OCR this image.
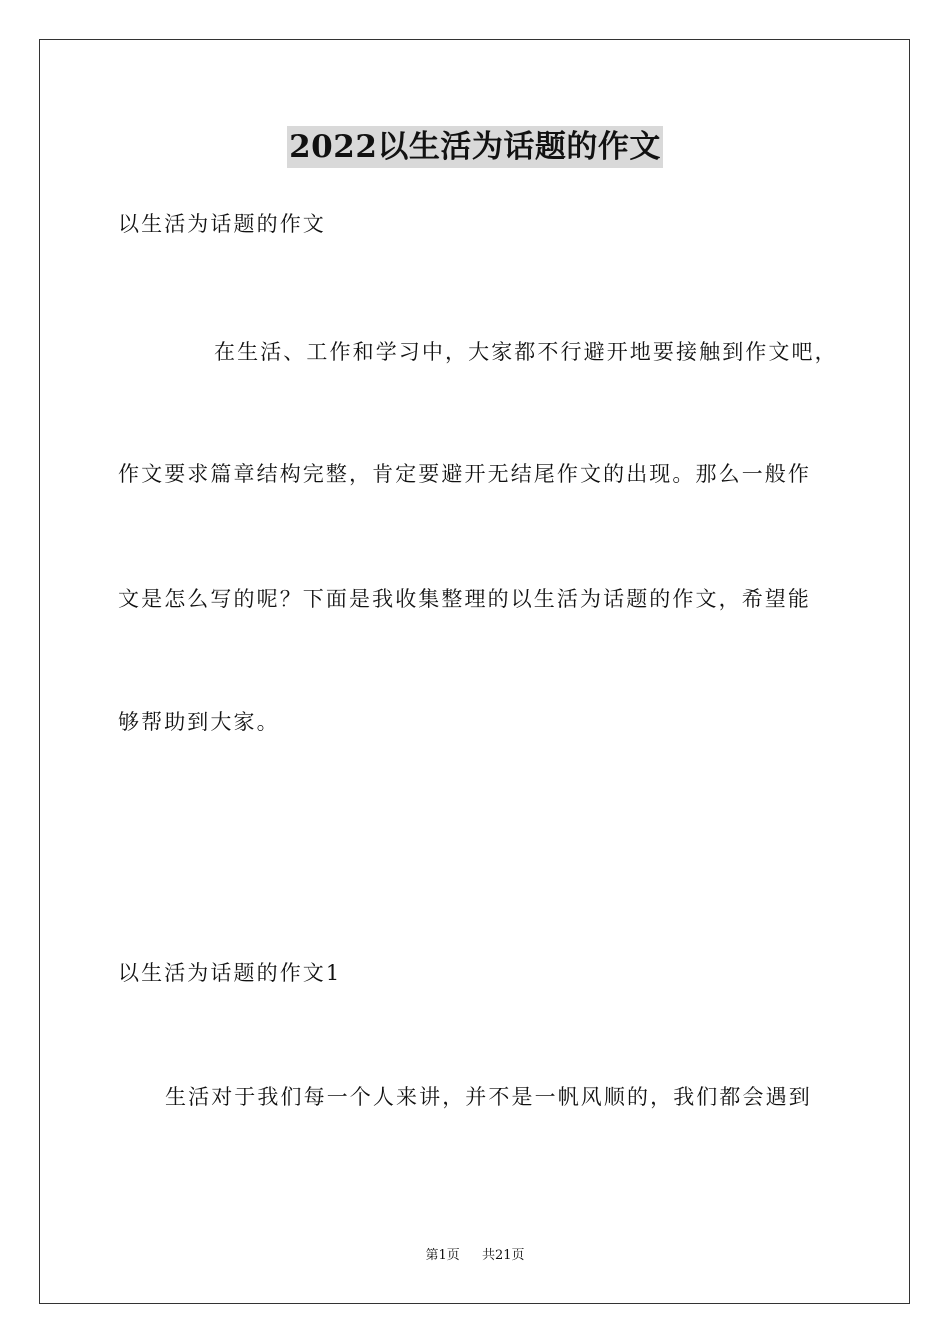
2022以生活为话题的作文
以生活为话题的作文
在生活、工作和学习中，大家都不行避开地要接触到作文吧，
作文要求篇章结构完整，肯定要避开无结尾作文的出现。那么一般作
文是怎么写的呢？下面是我收集整理的以生活为话题的作文，希望能
够帮助到大家。
以生活为话题的作文1
生活对于我们每一个人来讲，并不是一帆风顺的，我们都会遇到
第1页 共21页
